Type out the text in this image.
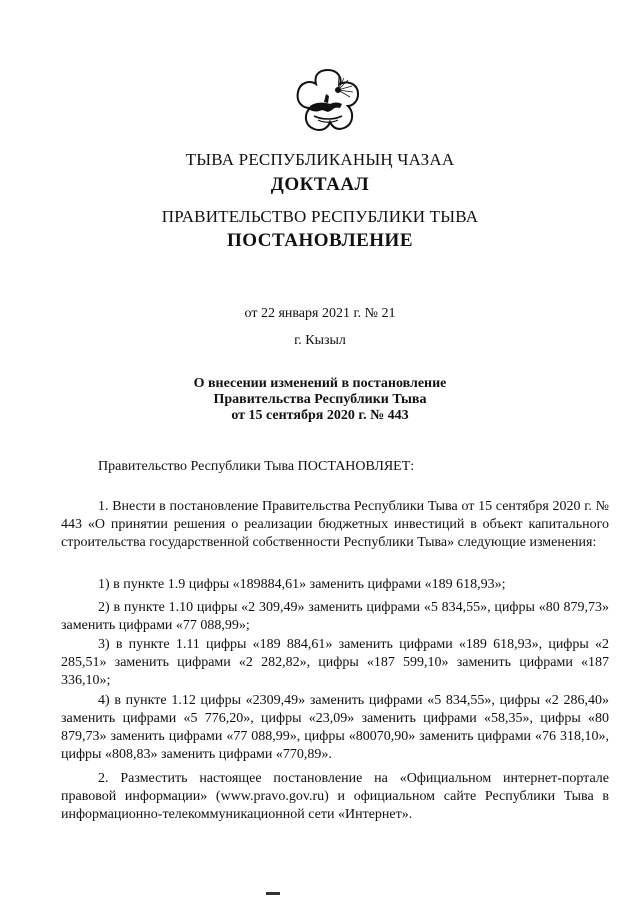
ТЫВА РЕСПУБЛИКАНЫҢ ЧАЗАА
ДОКТААЛ
ПРАВИТЕЛЬСТВО РЕСПУБЛИКИ ТЫВА
ПОСТАНОВЛЕНИЕ
от 22 января 2021 г. № 21
г. Кызыл
О внесении изменений в постановление
Правительства Республики Тыва
от 15 сентября 2020 г. № 443
Правительство Республики Тыва ПОСТАНОВЛЯЕТ:
1. Внести в постановление Правительства Республики Тыва от 15 сентября 2020 г. № 443 «О принятии решения о реализации бюджетных инвестиций в объект капитального строительства государственной собственности Республики Тыва» следующие изменения:
1) в пункте 1.9 цифры «189884,61» заменить цифрами «189 618,93»;
2) в пункте 1.10 цифры «2 309,49» заменить цифрами «5 834,55», цифры «80 879,73» заменить цифрами «77 088,99»;
3) в пункте 1.11 цифры «189 884,61» заменить цифрами «189 618,93», цифры «2 285,51» заменить цифрами «2 282,82», цифры «187 599,10» заменить цифрами «187 336,10»;
4) в пункте 1.12 цифры «2309,49» заменить цифрами «5 834,55», цифры «2 286,40» заменить цифрами «5 776,20», цифры «23,09» заменить цифрами «58,35», цифры «80 879,73» заменить цифрами «77 088,99», цифры «80070,90» заменить цифрами «76 318,10», цифры «808,83» заменить цифрами «770,89».
2. Разместить настоящее постановление на «Официальном интернет-портале правовой информации» (www.pravo.gov.ru) и официальном сайте Республики Тыва в информационно-телекоммуникационной сети «Интернет».
